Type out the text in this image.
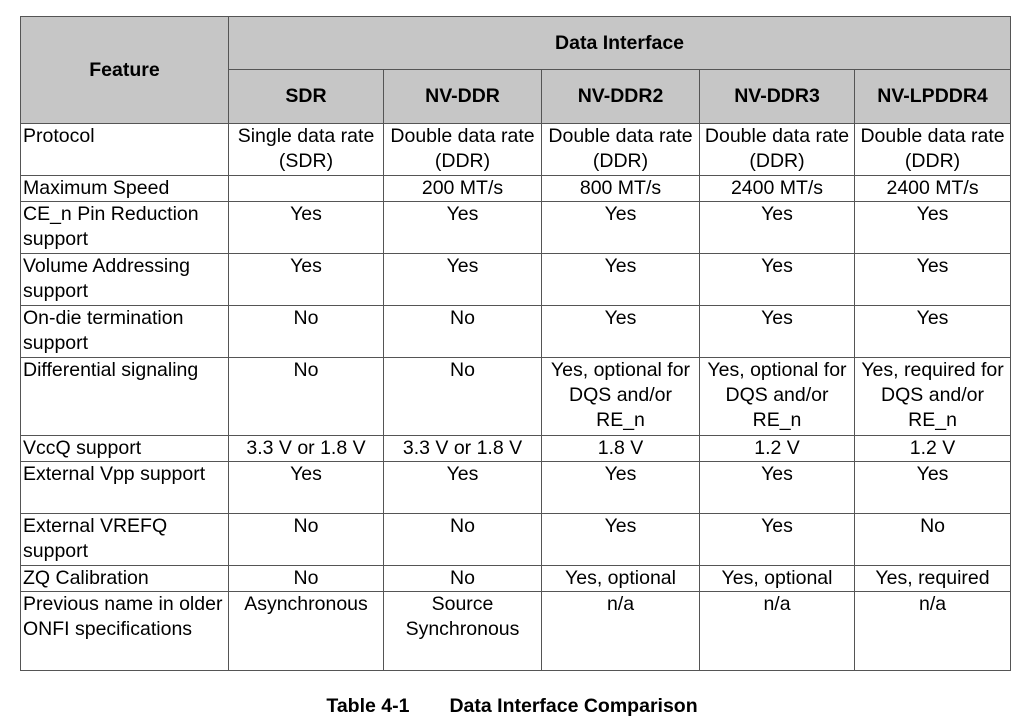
Feature	Data Interface				
	SDR	NV-DDR	NV-DDR2	NV-DDR3	NV-LPDDR4
Protocol	Single data rate (SDR)	Double data rate (DDR)	Double data rate (DDR)	Double data rate (DDR)	Double data rate (DDR)
Maximum Speed		200 MT/s	800 MT/s	2400 MT/s	2400 MT/s
CE_n Pin Reduction support	Yes	Yes	Yes	Yes	Yes
Volume Addressing support	Yes	Yes	Yes	Yes	Yes
On-die termination support	No	No	Yes	Yes	Yes
Differential signaling	No	No	Yes, optional for DQS and/or RE_n	Yes, optional for DQS and/or RE_n	Yes, required for DQS and/or RE_n
VccQ support	3.3 V or 1.8 V	3.3 V or 1.8 V	1.8 V	1.2 V	1.2 V
External Vpp support	Yes	Yes	Yes	Yes	Yes
External VREFQ support	No	No	Yes	Yes	No
ZQ Calibration	No	No	Yes, optional	Yes, optional	Yes, required
Previous name in older ONFI specifications	Asynchronous	Source Synchronous	n/a	n/a	n/a
Table 4-1 Data Interface Comparison
